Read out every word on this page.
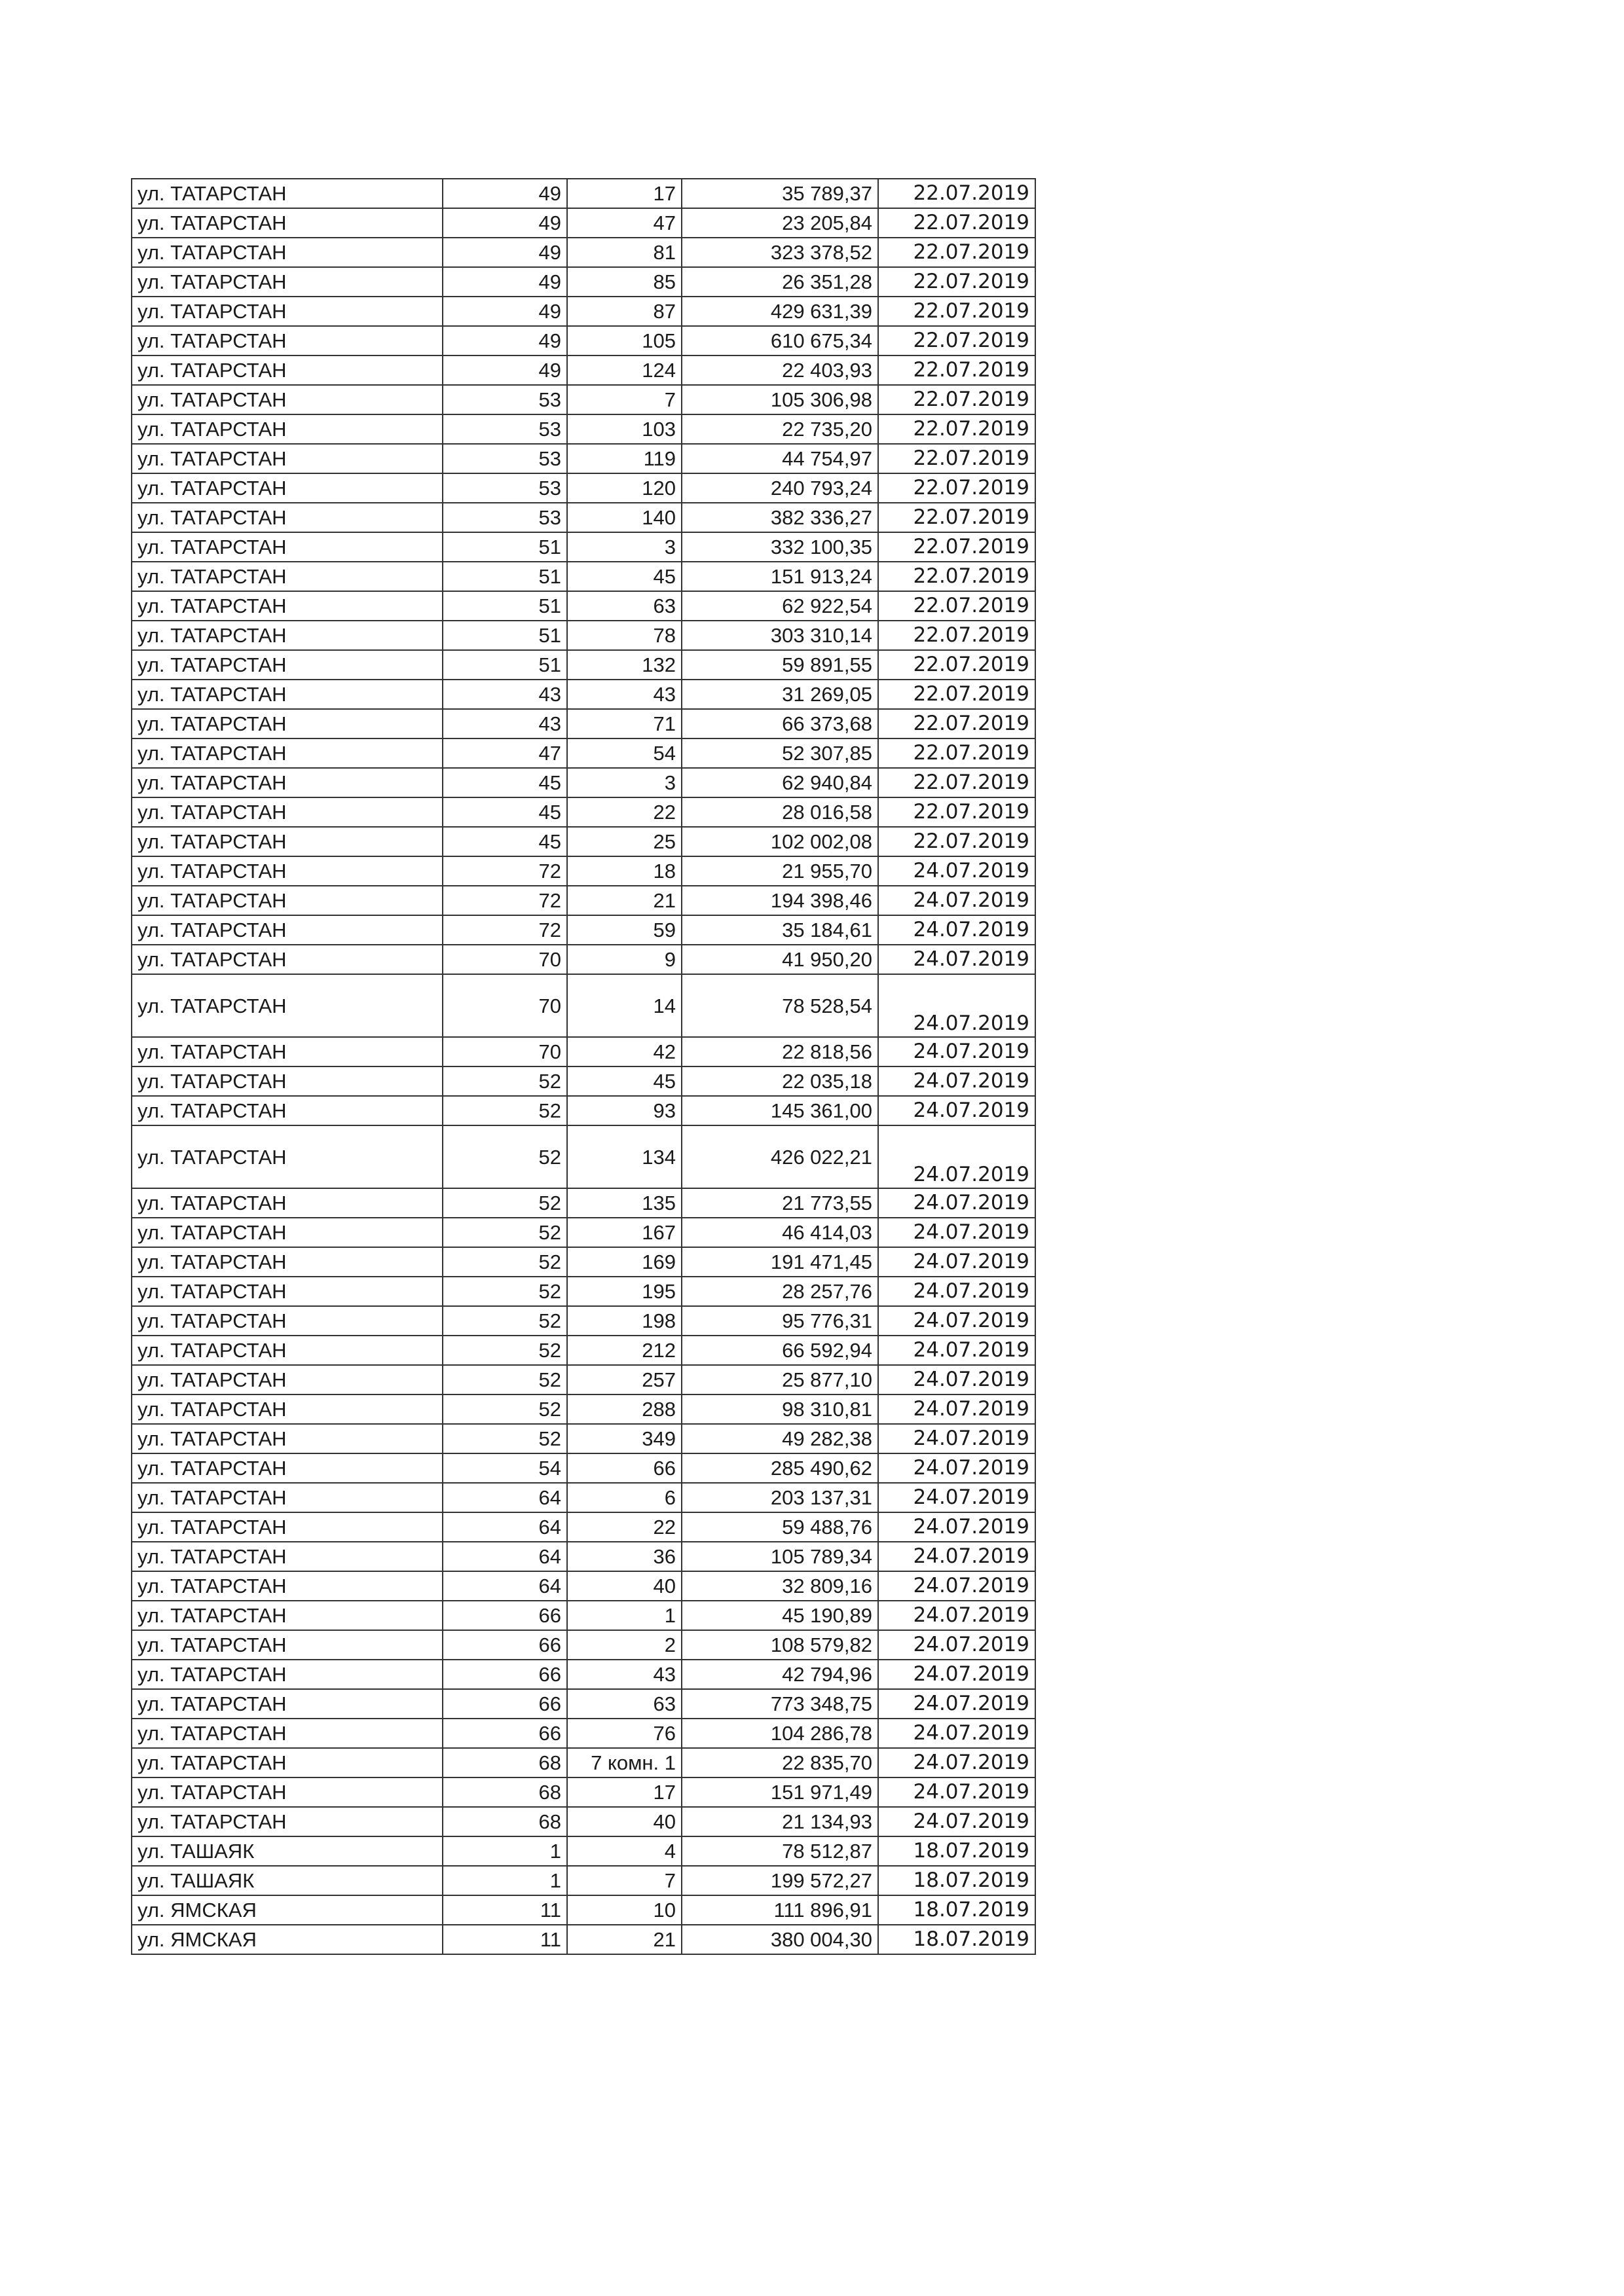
ул. ТАТАРСТАН	49	17	35 789,37	22.07.2019
ул. ТАТАРСТАН	49	47	23 205,84	22.07.2019
ул. ТАТАРСТАН	49	81	323 378,52	22.07.2019
ул. ТАТАРСТАН	49	85	26 351,28	22.07.2019
ул. ТАТАРСТАН	49	87	429 631,39	22.07.2019
ул. ТАТАРСТАН	49	105	610 675,34	22.07.2019
ул. ТАТАРСТАН	49	124	22 403,93	22.07.2019
ул. ТАТАРСТАН	53	7	105 306,98	22.07.2019
ул. ТАТАРСТАН	53	103	22 735,20	22.07.2019
ул. ТАТАРСТАН	53	119	44 754,97	22.07.2019
ул. ТАТАРСТАН	53	120	240 793,24	22.07.2019
ул. ТАТАРСТАН	53	140	382 336,27	22.07.2019
ул. ТАТАРСТАН	51	3	332 100,35	22.07.2019
ул. ТАТАРСТАН	51	45	151 913,24	22.07.2019
ул. ТАТАРСТАН	51	63	62 922,54	22.07.2019
ул. ТАТАРСТАН	51	78	303 310,14	22.07.2019
ул. ТАТАРСТАН	51	132	59 891,55	22.07.2019
ул. ТАТАРСТАН	43	43	31 269,05	22.07.2019
ул. ТАТАРСТАН	43	71	66 373,68	22.07.2019
ул. ТАТАРСТАН	47	54	52 307,85	22.07.2019
ул. ТАТАРСТАН	45	3	62 940,84	22.07.2019
ул. ТАТАРСТАН	45	22	28 016,58	22.07.2019
ул. ТАТАРСТАН	45	25	102 002,08	22.07.2019
ул. ТАТАРСТАН	72	18	21 955,70	24.07.2019
ул. ТАТАРСТАН	72	21	194 398,46	24.07.2019
ул. ТАТАРСТАН	72	59	35 184,61	24.07.2019
ул. ТАТАРСТАН	70	9	41 950,20	24.07.2019
ул. ТАТАРСТАН	70	14	78 528,54	24.07.2019
ул. ТАТАРСТАН	70	42	22 818,56	24.07.2019
ул. ТАТАРСТАН	52	45	22 035,18	24.07.2019
ул. ТАТАРСТАН	52	93	145 361,00	24.07.2019
ул. ТАТАРСТАН	52	134	426 022,21	24.07.2019
ул. ТАТАРСТАН	52	135	21 773,55	24.07.2019
ул. ТАТАРСТАН	52	167	46 414,03	24.07.2019
ул. ТАТАРСТАН	52	169	191 471,45	24.07.2019
ул. ТАТАРСТАН	52	195	28 257,76	24.07.2019
ул. ТАТАРСТАН	52	198	95 776,31	24.07.2019
ул. ТАТАРСТАН	52	212	66 592,94	24.07.2019
ул. ТАТАРСТАН	52	257	25 877,10	24.07.2019
ул. ТАТАРСТАН	52	288	98 310,81	24.07.2019
ул. ТАТАРСТАН	52	349	49 282,38	24.07.2019
ул. ТАТАРСТАН	54	66	285 490,62	24.07.2019
ул. ТАТАРСТАН	64	6	203 137,31	24.07.2019
ул. ТАТАРСТАН	64	22	59 488,76	24.07.2019
ул. ТАТАРСТАН	64	36	105 789,34	24.07.2019
ул. ТАТАРСТАН	64	40	32 809,16	24.07.2019
ул. ТАТАРСТАН	66	1	45 190,89	24.07.2019
ул. ТАТАРСТАН	66	2	108 579,82	24.07.2019
ул. ТАТАРСТАН	66	43	42 794,96	24.07.2019
ул. ТАТАРСТАН	66	63	773 348,75	24.07.2019
ул. ТАТАРСТАН	66	76	104 286,78	24.07.2019
ул. ТАТАРСТАН	68	7 комн. 1	22 835,70	24.07.2019
ул. ТАТАРСТАН	68	17	151 971,49	24.07.2019
ул. ТАТАРСТАН	68	40	21 134,93	24.07.2019
ул. ТАШАЯК	1	4	78 512,87	18.07.2019
ул. ТАШАЯК	1	7	199 572,27	18.07.2019
ул. ЯМСКАЯ	11	10	111 896,91	18.07.2019
ул. ЯМСКАЯ	11	21	380 004,30	18.07.2019
